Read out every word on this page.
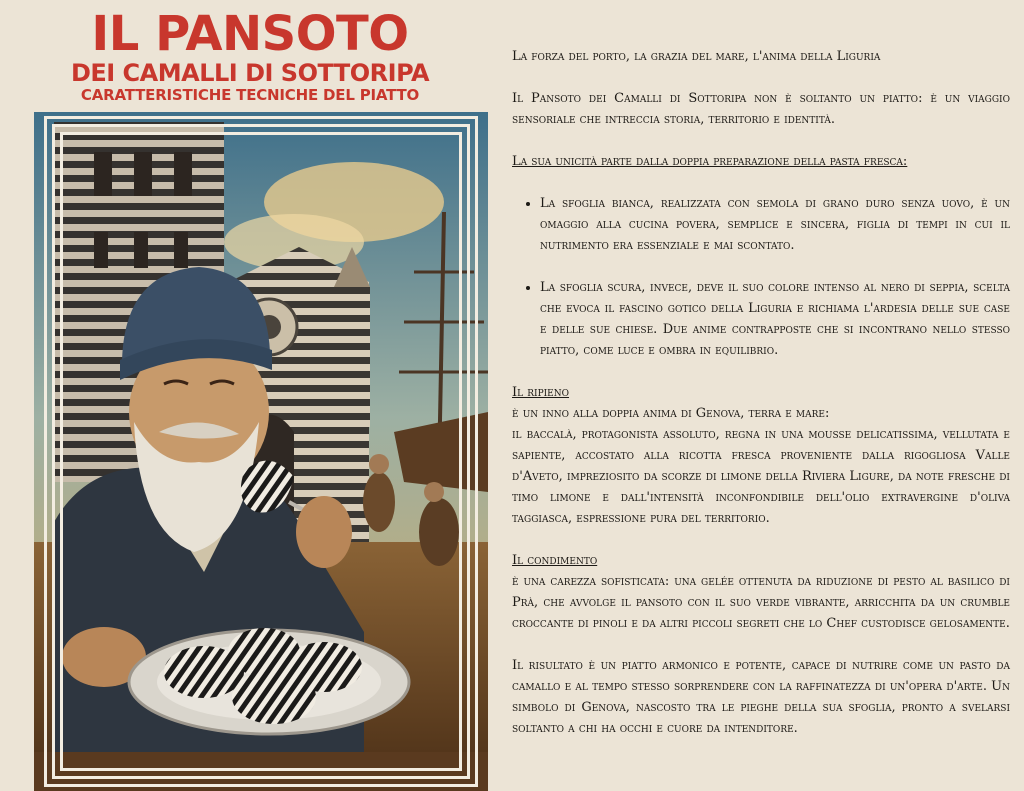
IL PANSOTO
DEI CAMALLI DI SOTTORIPA
CARATTERISTICHE TECNICHE DEL PIATTO

La forza del porto, la grazia del mare, l'anima della Liguria

Il Pansoto dei Camalli di Sottoripa non è soltanto un piatto: è un viaggio sensoriale che intreccia storia, territorio e identità.

La sua unicità parte dalla doppia preparazione della pasta fresca:

• La sfoglia bianca, realizzata con semola di grano duro senza uovo, è un omaggio alla cucina povera, semplice e sincera, figlia di tempi in cui il nutrimento era essenziale e mai scontato.
• La sfoglia scura, invece, deve il suo colore intenso al nero di seppia, scelta che evoca il fascino gotico della Liguria e richiama l'ardesia delle sue case e delle sue chiese. Due anime contrapposte che si incontrano nello stesso piatto, come luce e ombra in equilibrio.

Il ripieno

è un inno alla doppia anima di Genova, terra e mare:

il baccalà, protagonista assoluto, regna in una mousse delicatissima, vellutata e sapiente, accostato alla ricotta fresca proveniente dalla rigogliosa Valle d'Aveto, impreziosito da scorze di limone della Riviera Ligure, da note fresche di timo limone e dall'intensità inconfondibile dell'olio extravergine d'oliva taggiasca, espressione pura del territorio.

Il condimento

è una carezza sofisticata: una gelée ottenuta da riduzione di pesto al basilico di Prà, che avvolge il pansoto con il suo verde vibrante, arricchita da un crumble croccante di pinoli e da altri piccoli segreti che lo Chef custodisce gelosamente.

Il risultato è un piatto armonico e potente, capace di nutrire come un pasto da camallo e al tempo stesso sorprendere con la raffinatezza di un'opera d'arte. Un simbolo di Genova, nascosto tra le pieghe della sua sfoglia, pronto a svelarsi soltanto a chi ha occhi e cuore da intenditore.
